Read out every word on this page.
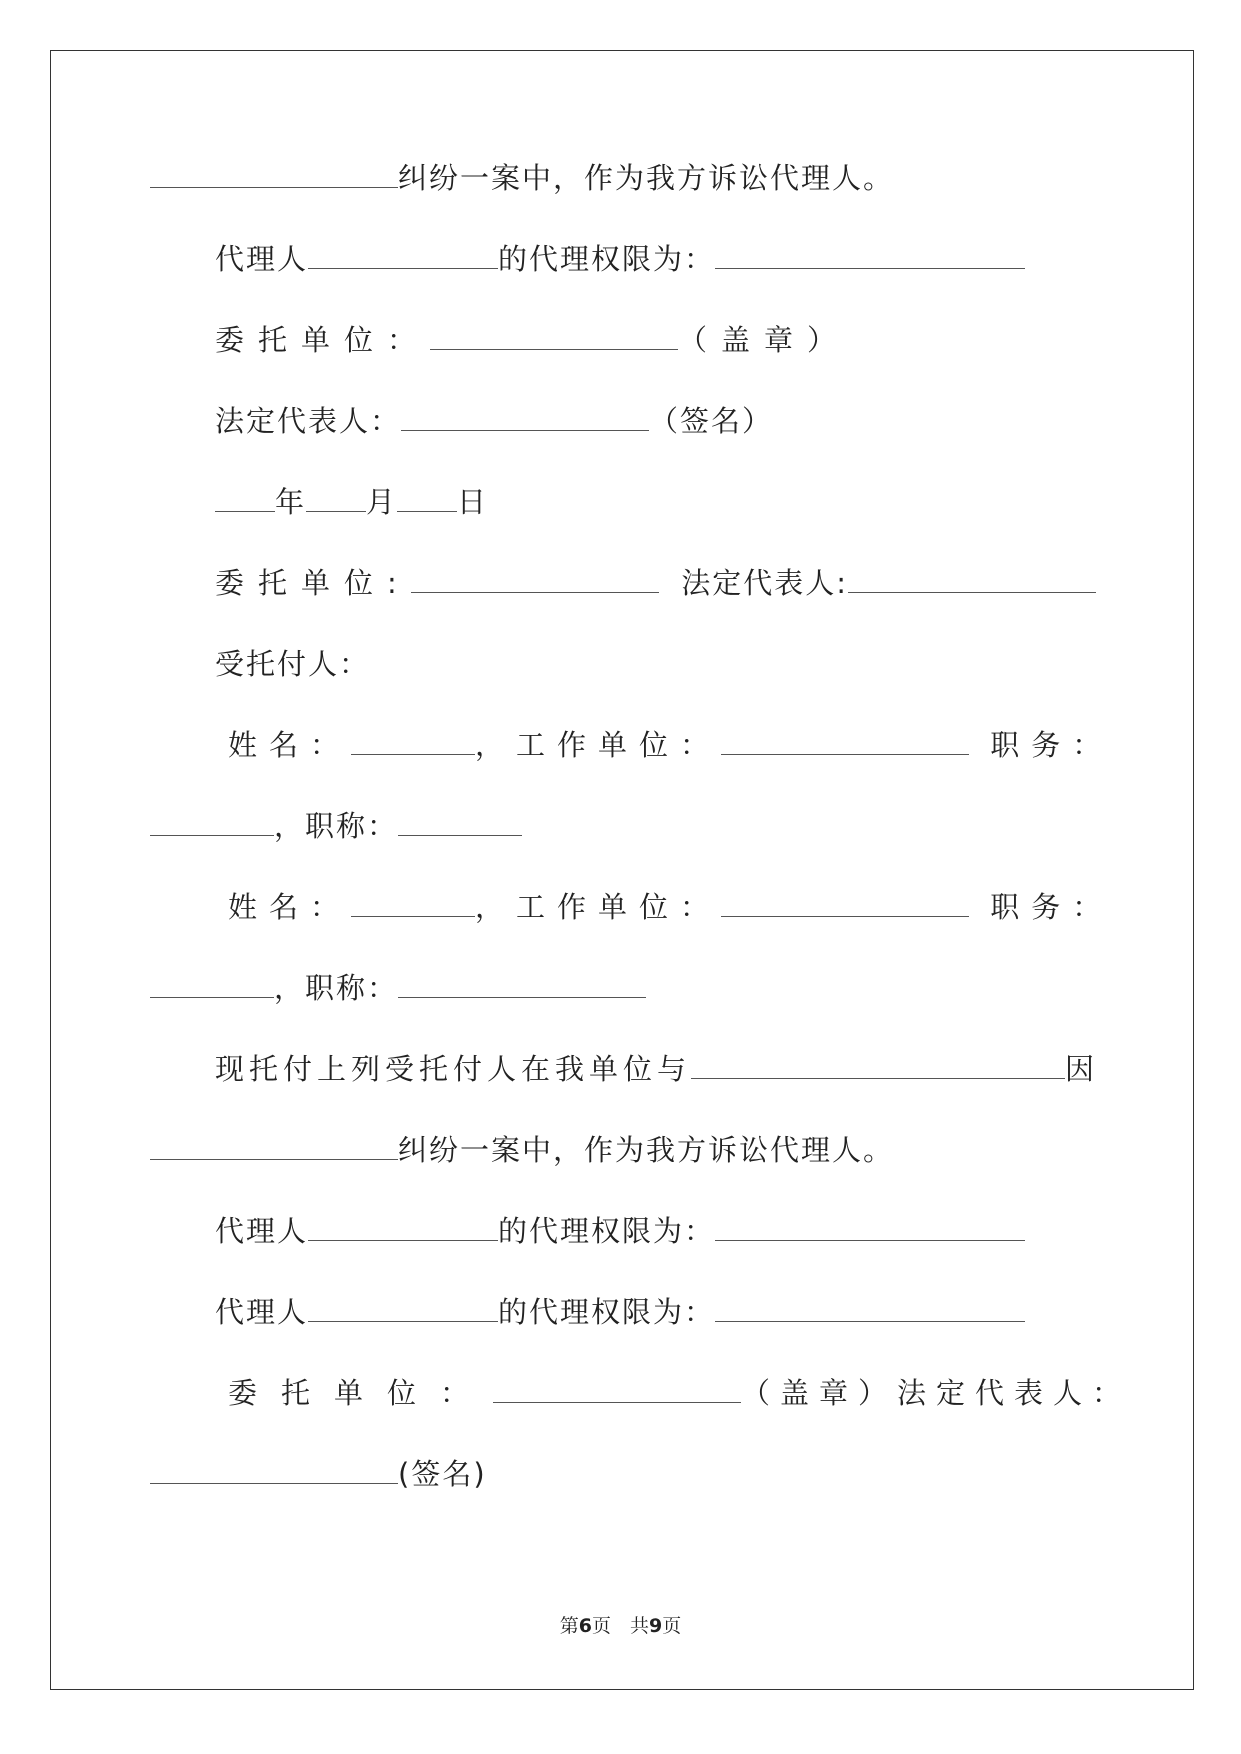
纠纷一案中，作为我方诉讼代理人。
代理人	的代理权限为：
委托单位：	（盖章）
法定代表人：	（签名）
年 月 日
委托单位:	法定代表人:
受托付人：
姓名：	，工作单位：	职务：
，职称：
姓名：	，工作单位：	职务：
，职称：
现托付上列受托付人在我单位与	因
纠纷一案中，作为我方诉讼代理人。
代理人	的代理权限为：
代理人	的代理权限为：
委托单位：	（盖章）法定代表人：
(签名)
第6页　共9页
